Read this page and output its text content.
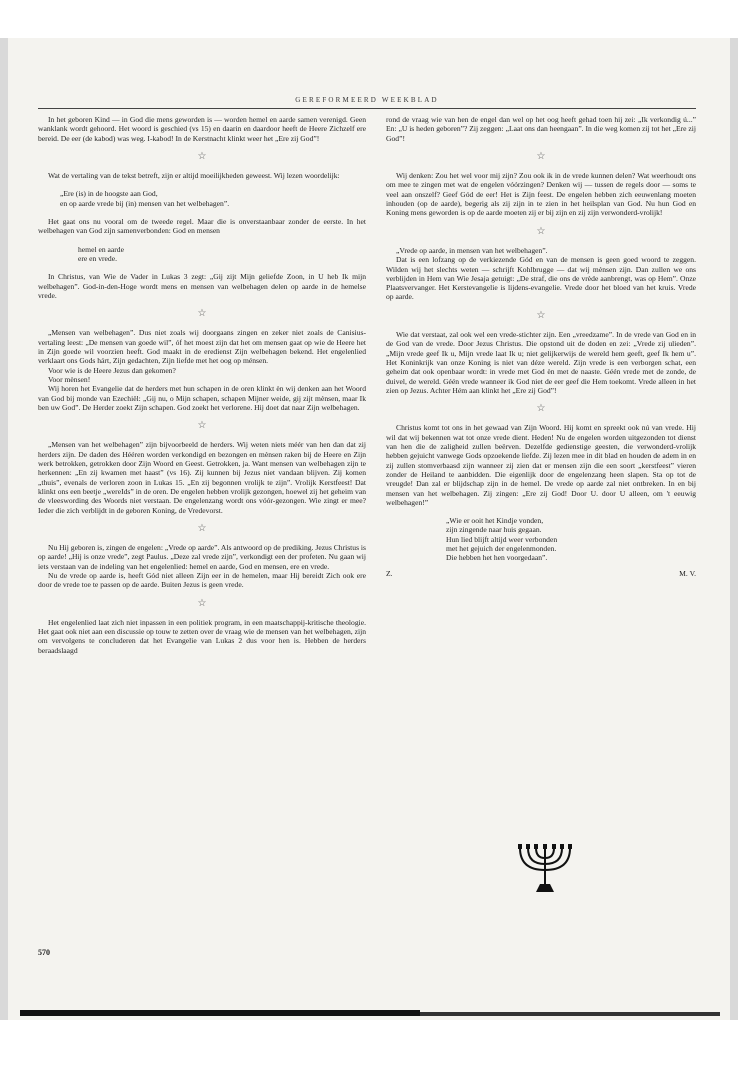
GEREFORMEERD WEEKBLAD

In het geboren Kind — in God die mens geworden is — worden hemel en aarde samen verenigd. Geen wanklank wordt gehoord. Het woord is geschied (vs 15) en daarin en daardoor heeft de Heere Zichzelf ere bereid. De eer (de kabod) was weg. I-kabod! In de Kerstnacht klinkt weer het „Ere zij God”!

☆

Wat de vertaling van de tekst betreft, zijn er altijd moeilijkheden geweest. Wij lezen woordelijk:

„Ere (is) in de hoogste aan God,
en op aarde vrede bij (in) mensen van het welbehagen”.

Het gaat ons nu vooral om de tweede regel. Maar die is onverstaanbaar zonder de eerste. In het welbehagen van God zijn samenverbonden: God en mensen

hemel en aarde
ere en vrede.

In Christus, van Wie de Vader in Lukas 3 zegt: „Gij zijt Mijn geliefde Zoon, in U heb Ik mijn welbehagen”. God-in-den-Hoge wordt mens en mensen van welbehagen delen op aarde in de hemelse vrede.

☆

„Mensen van welbehagen”. Dus niet zoals wij doorgaans zingen en zeker niet zoals de Canisius-vertaling leest: „De mensen van goede wil”, óf het moest zijn dat het om mensen gaat op wie de Heere het in Zijn goede wil voorzien heeft. God maakt in de eredienst Zijn welbehagen bekend. Het engelenlied verklaart ons Gods hárt, Zijn gedachten, Zijn liefde met het oog op ménsen.

Voor wie is de Heere Jezus dan gekomen?

Voor mènsen!

Wij horen het Evangelie dat de herders met hun schapen in de oren klinkt èn wij denken aan het Woord van God bij monde van Ezechiël: „Gij nu, o Mijn schapen, schapen Mijner weide, gij zijt mènsen, maar Ik ben uw God”. De Herder zoekt Zijn schapen. God zoekt het verlorene. Hij doet dat naar Zijn welbehagen.

☆

„Mensen van het welbehagen” zijn bijvoorbeeld de herders. Wij weten niets méér van hen dan dat zij herders zijn. De daden des Hééren worden verkondigd en bezongen en mènsen raken bij de Heere en Zijn werk betrokken, getrokken door Zijn Woord en Geest. Getrokken, ja. Want mensen van welbehagen zijn te herkennen: „En zij kwamen met haast” (vs 16). Zij kunnen bij Jezus niet vandaan blijven. Zij komen „thuis”, evenals de verloren zoon in Lukas 15. „En zij begonnen vrolijk te zijn”. Vrolijk Kerstfeest! Dat klinkt ons een beetje „wereIds” in de oren. De engelen hebben vrolijk gezongen, hoewel zij het geheim van de vleeswording des Woords niet verstaan. De engelenzang wordt ons vóór-gezongen. Wie zingt er mee? Ieder die zich verblijdt in de geboren Koning, de Vredevorst.

☆

Nu Hij geboren is, zingen de engelen: „Vrede op aarde”. Als antwoord op de prediking. Jezus Christus is op aarde! „Hij is onze vrede”, zegt Paulus. „Deze zal vrede zijn”, verkondigt een der profeten. Nu gaan wij iets verstaan van de indeling van het engelenlied: hemel en aarde, God en mensen, ere en vrede.

Nu de vrede op aarde is, heeft Gód niet alleen Zijn eer in de hemelen, maar Hij bereidt Zich ook ere door de vrede toe te passen op de aarde. Buiten Jezus is geen vrede.

☆

Het engelenlied laat zich niet inpassen in een politiek program, in een maatschappij-kritische theologie. Het gaat ook niet aan een discussie op touw te zetten over de vraag wie de mensen van het welbehagen, zijn om vervolgens te concluderen dat het Evangelie van Lukas 2 dus voor hen is. Hebben de herders beraadslaagd

rond de vraag wie van hen de engel dan wel op het oog heeft gehad toen hij zei: „Ik verkondig ú...” En: „U is heden geboren”? Zij zeggen: „Laat ons dan heengaan”. In die weg komen zij tot het „Ere zij God”!

☆

Wij denken: Zou het wel voor mij zijn? Zou ook ik in de vrede kunnen delen? Wat weerhoudt ons om mee te zingen met wat de engelen vóórzingen? Denken wij — tussen de regels door — soms te veel aan onszelf? Geef Gód de eer! Het is Zijn feest. De engelen hebben zich eeuwenlang moeten inhouden (op de aarde), begerig als zij zijn in te zien in het heilsplan van God. Nu hun God en Koning mens geworden is op de aarde moeten zij er bij zijn en zij zijn verwonderd-vrolijk!

☆

„Vrede op aarde, in mensen van het welbehagen”.

Dat is een lofzang op de verkiezende Gód en van de mensen is geen goed woord te zeggen. Wilden wij het slechts weten — schrijft Kohlbrugge — dat wij mènsen zijn. Dan zullen we ons verblijden in Hem van Wie Jesaja getuigt: „De straf, die ons de vrède aanbrengt, was op Hem”. Onze Plaatsvervanger. Het Kerstevangelie is lijdens-evangelie. Vrede door het bloed van het kruis. Vrede op aarde.

☆

Wie dat verstaat, zal ook wel een vrede-stichter zijn. Een „vreedzame”. In de vrede van God en in de God van de vrede. Door Jezus Christus. Die opstond uit de doden en zei: „Vrede zij ulieden”. „Mijn vrede geef Ik u, Mijn vrede laat Ik u; niet gelijkerwijs de wereld hem geeft, geef Ik hem u”. Het Koninkrijk van onze Koning is niet van déze wereld. Zijn vrede is een verborgen schat, een geheim dat ook openbaar wordt: in vrede met God èn met de naaste. Géén vrede met de zonde, de duivel, de wereld. Géén vrede wanneer ik God niet de eer geef die Hem toekomt. Vrede alleen in het zien op Jezus. Achter Hém aan klinkt het „Ere zij God”!

☆

Christus komt tot ons in het gewaad van Zijn Woord. Hij komt en spreekt ook nú van vrede. Hij wil dat wij bekennen wat tot onze vrede dient. Heden! Nu de engelen worden uitgezonden tot dienst van hen die de zaligheid zullen beërven. Dezelfde gedienstige geesten, die verwonderd-vrolijk hebben gejuicht vanwege Gods opzoekende liefde. Zij lezen mee in dit blad en houden de adem in en zij zullen stomverbaasd zijn wanneer zij zien dat er mensen zijn die een soort „kerstfeest” vieren zonder de Heiland te aanbidden. Die eigenlijk door de engelenzang heen slapen. Sta op tot de vreugde! Dan zal er blijdschap zijn in de hemel. De vrede op aarde zal niet ontbreken. In en bij mensen van het welbehagen. Zij zingen: „Ere zij God! Door U. door U alleen, om 't eeuwig welbehagen!”

„Wie er ooit het Kindje vonden,
zijn zingende naar huis gegaan.
Hun lied blijft altijd weer verbonden
met het gejuich der engelenmonden.
Die hebben het hen voorgedaan”.
Z.	M. V.
570
